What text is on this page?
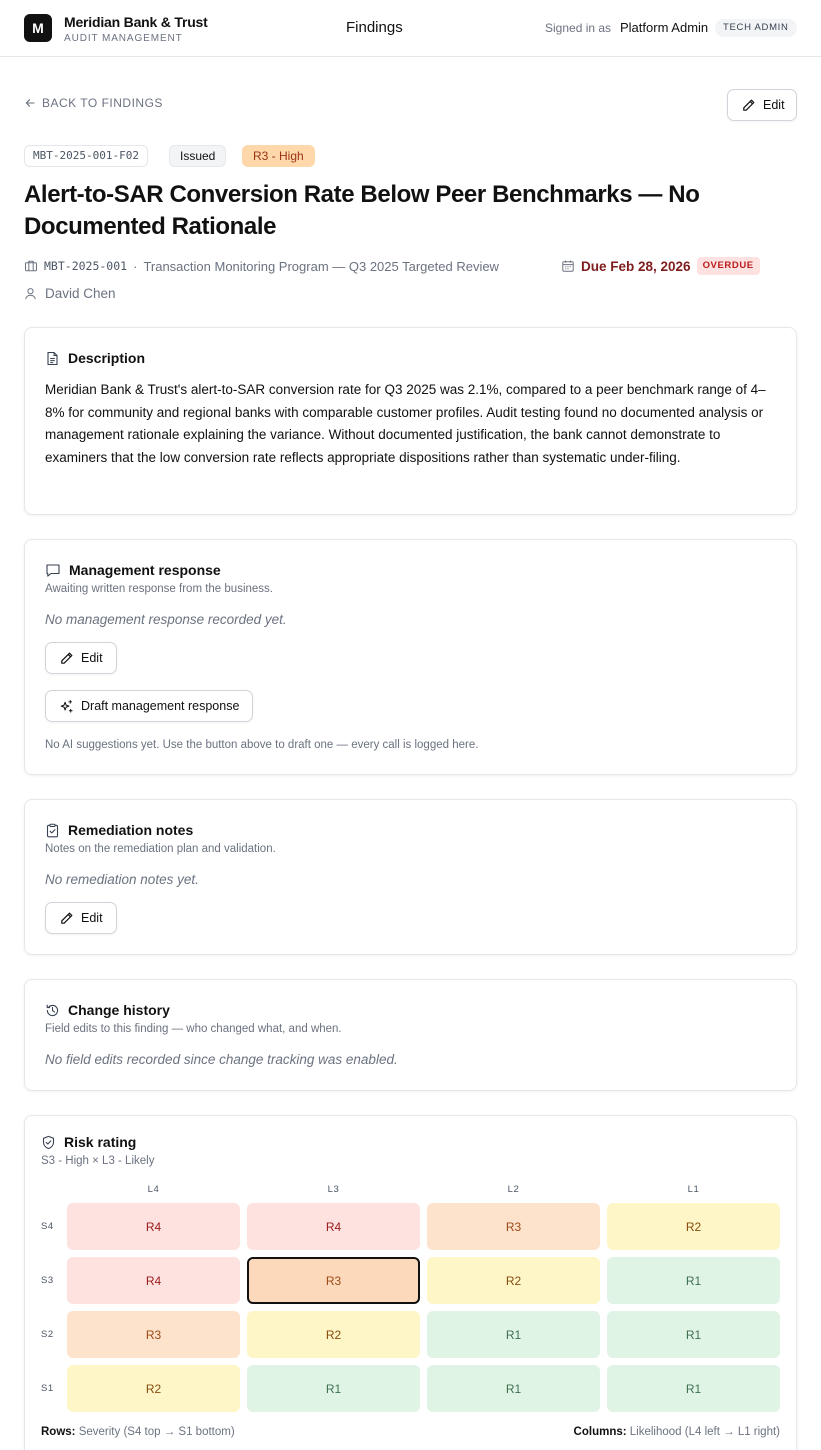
M	Meridian Bank & Trust
AUDIT MANAGEMENT
Findings	Signed in as Platform Admin	TECH ADMIN
BACK TO FINDINGS	Edit
MBT-2025-001-F02	Issued	R3 - High
Alert-to-SAR Conversion Rate Below Peer Benchmarks — No Documented Rationale
MBT-2025-001 · Transaction Monitoring Program — Q3 2025 Targeted Review	Due Feb 28, 2026	OVERDUE
David Chen
Description
Meridian Bank & Trust's alert-to-SAR conversion rate for Q3 2025 was 2.1%, compared to a peer benchmark range of 4–8% for community and regional banks with comparable customer profiles. Audit testing found no documented analysis or management rationale explaining the variance. Without documented justification, the bank cannot demonstrate to examiners that the low conversion rate reflects appropriate dispositions rather than systematic under-filing.
Management response
Awaiting written response from the business.
No management response recorded yet.
Edit
Draft management response
No AI suggestions yet. Use the button above to draft one — every call is logged here.
Remediation notes
Notes on the remediation plan and validation.
No remediation notes yet.
Edit
Change history
Field edits to this finding — who changed what, and when.
No field edits recorded since change tracking was enabled.
Risk rating
S3 - High × L3 - Likely
L4	L3	L2	L1
S4	R4	R4	R3	R2
S3	R4	R3	R2	R1
S2	R3	R2	R1	R1
S1	R2	R1	R1	R1
Rows: Severity (S4 top → S1 bottom)	Columns: Likelihood (L4 left → L1 right)
